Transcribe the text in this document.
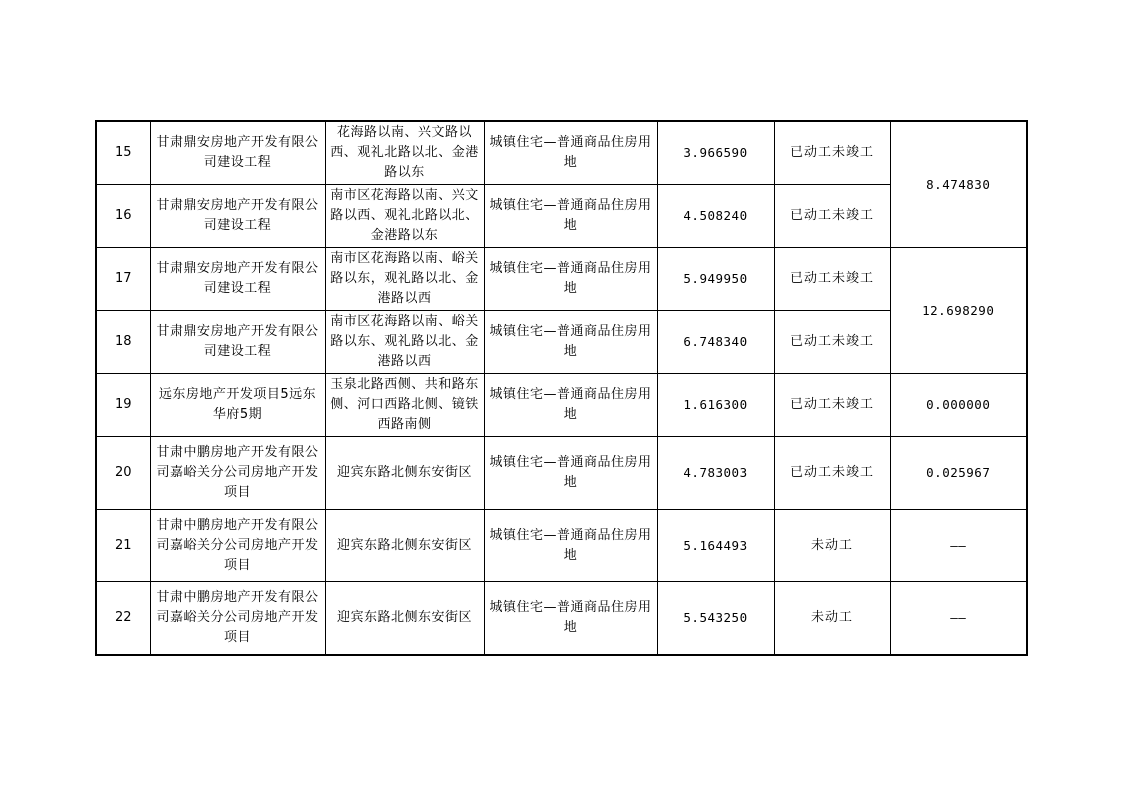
15	甘肃鼎安房地产开发有限公司建设工程	花海路以南、兴文路以西、观礼北路以北、金港路以东	城镇住宅—普通商品住房用地	3.966590	已动工未竣工	8.474830
16	甘肃鼎安房地产开发有限公司建设工程	南市区花海路以南、兴文路以西、观礼北路以北、金港路以东	城镇住宅—普通商品住房用地	4.508240	已动工未竣工	
17	甘肃鼎安房地产开发有限公司建设工程	南市区花海路以南、峪关路以东，观礼路以北、金港路以西	城镇住宅—普通商品住房用地	5.949950	已动工未竣工	12.698290
18	甘肃鼎安房地产开发有限公司建设工程	南市区花海路以南、峪关路以东、观礼路以北、金港路以西	城镇住宅—普通商品住房用地	6.748340	已动工未竣工	
19	远东房地产开发项目5远东华府5期	玉泉北路西侧、共和路东侧、河口西路北侧、镜铁西路南侧	城镇住宅—普通商品住房用地	1.616300	已动工未竣工	0.000000
20	甘肃中鹏房地产开发有限公司嘉峪关分公司房地产开发项目	迎宾东路北侧东安街区	城镇住宅—普通商品住房用地	4.783003	已动工未竣工	0.025967
21	甘肃中鹏房地产开发有限公司嘉峪关分公司房地产开发项目	迎宾东路北侧东安街区	城镇住宅—普通商品住房用地	5.164493	未动工	——
22	甘肃中鹏房地产开发有限公司嘉峪关分公司房地产开发项目	迎宾东路北侧东安街区	城镇住宅—普通商品住房用地	5.543250	未动工	——
